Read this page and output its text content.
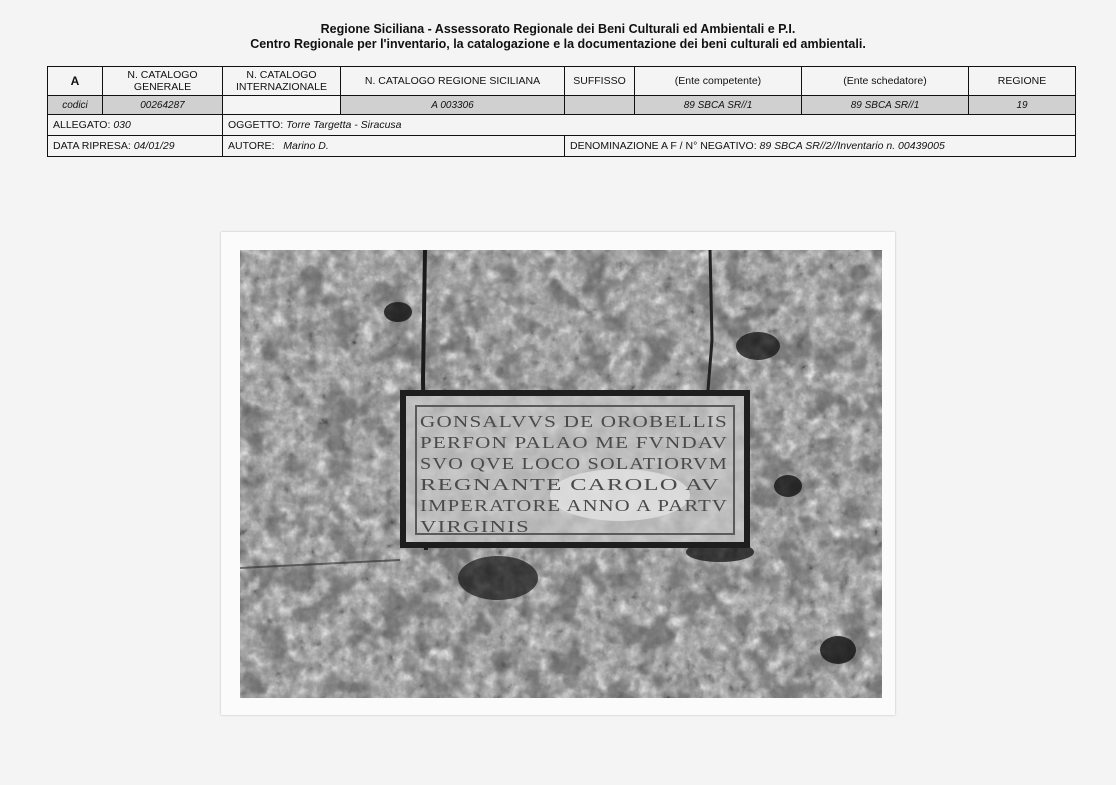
Regione Siciliana - Assessorato Regionale dei Beni Culturali ed Ambientali e P.I.
Centro Regionale per l'inventario, la catalogazione e la documentazione dei beni culturali ed ambientali.
A	N. CATALOGO GENERALE	N. CATALOGO INTERNAZIONALE	N. CATALOGO REGIONE SICILIANA	SUFFISSO	(Ente competente)	(Ente schedatore)	REGIONE
codici	00264287		A 003306		89 SBCA SR//1	89 SBCA SR//1	19
ALLEGATO: 030		OGGETTO: Torre Targetta - Siracusa					
DATA RIPRESA: 04/01/29		AUTORE: Marino D.		DENOMINAZIONE A F / N° NEGATIVO: 89 SBCA SR//2//Inventario n. 00439005			
GONSALVVS DE OROBELLIS
PERFON PALAO ME FVNDAV
SVO QVE LOCO SOLATIORVM
REGNANTE CAROLO AV
IMPERATORE ANNO A PARTV
VIRGINIS
